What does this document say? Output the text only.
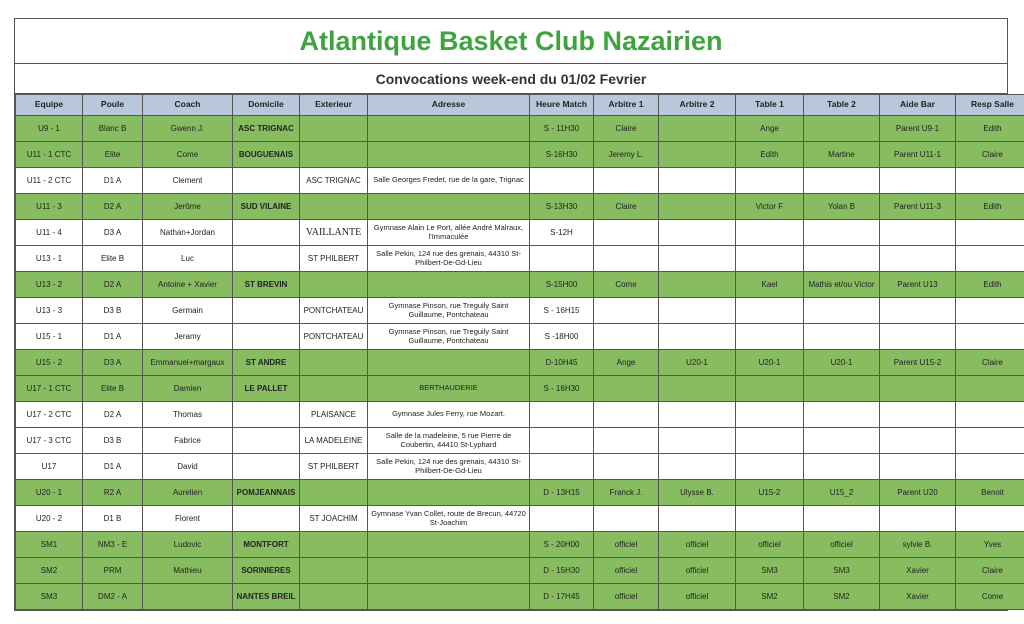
Atlantique Basket Club Nazairien
Convocations week-end du 01/02 Fevrier
Equipe	Poule	Coach	Domicile	Exterieur	Adresse	Heure Match	Arbitre 1	Arbitre 2	Table 1	Table 2	Aide Bar	Resp Salle
U9 - 1	Blanc B	Gwenn J.	ASC TRIGNAC			S - 11H30	Claire		Ange		Parent U9-1	Edith
U11 - 1 CTC	Elite	Come	BOUGUENAIS			S-16H30	Jeremy L.		Edith	Martine	Parent U11-1	Claire
U11 - 2 CTC	D1 A	Clement		ASC TRIGNAC	Salle Georges Fredet, rue de la gare, Trignac							
U11 - 3	D2 A	Jerôme	SUD VILAINE			S-13H30	Claire		Victor F	Yolan B	Parent U11-3	Edith
U11 - 4	D3 A	Nathan+Jordan		VAILLANTE	Gymnase Alain Le Port, allée André Malraux, l'Immaculée	S-12H						
U13 - 1	Elite B	Luc		ST PHILBERT	Salle Pekin, 124 rue des grenais, 44310 St-Philbert-De-Gd-Lieu							
U13 - 2	D2 A	Antoine + Xavier	ST BREVIN			S-15H00	Come		Kael	Mathis et/ou Victor	Parent U13	Edith
U13 - 3	D3 B	Germain		PONTCHATEAU	Gymnase Pinson, rue Treguily Saint Guillaume, Pontchateau	S - 16H15						
U15 - 1	D1 A	Jeramy		PONTCHATEAU	Gymnase Pinson, rue Treguily Saint Guillaume, Pontchateau	S -18H00						
U15 - 2	D3 A	Emmanuel+margaux	ST ANDRE			D-10H45	Ange	U20-1	U20-1	U20-1	Parent U15-2	Claire
U17 - 1 CTC	Elite B	Damien	LE PALLET		BERTHAUDERIE	S - 16H30						
U17 - 2 CTC	D2 A	Thomas		PLAISANCE	Gymnase Jules Ferry, rue Mozart.							
U17 - 3 CTC	D3 B	Fabrice		LA MADELEINE	Salle de la madeleine, 5 rue Pierre de Coubertin, 44410 St-Lyphard							
U17	D1 A	David		ST PHILBERT	Salle Pekin, 124 rue des grenais, 44310 St-Philbert-De-Gd-Lieu							
U20 - 1	R2 A	Aurelien	POMJEANNAIS			D - 13H15	Franck J.	Ulysse B.	U15-2	U15_2	Parent U20	Benoit
U20 - 2	D1 B	Florent		ST JOACHIM	Gymnase Yvan Collet, route de Brecun, 44720 St-Joachim							
SM1	NM3 - E	Ludovic	MONTFORT			S - 20H00	officiel	officiel	officiel	officiel	sylvie B.	Yves
SM2	PRM	Mathieu	SORINIERES			D - 15H30	officiel	officiel	SM3	SM3	Xavier	Claire
SM3	DM2 - A		NANTES BREIL			D - 17H45	officiel	officiel	SM2	SM2	Xavier	Come
